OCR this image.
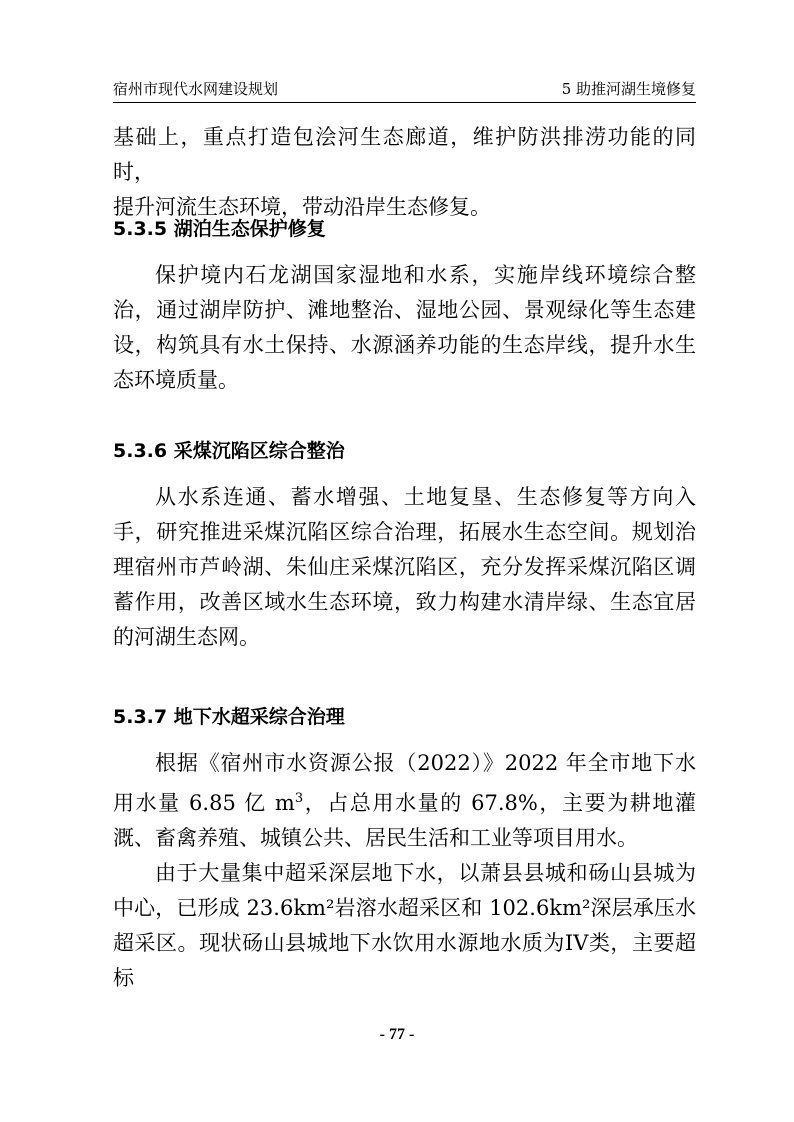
宿州市现代水网建设规划	5 助推河湖生境修复
基础上，重点打造包浍河生态廊道，维护防洪排涝功能的同时，
提升河流生态环境，带动沿岸生态修复。
5.3.5 湖泊生态保护修复

保护境内石龙湖国家湿地和水系，实施岸线环境综合整治，通过湖岸防护、滩地整治、湿地公园、景观绿化等生态建设，构筑具有水土保持、水源涵养功能的生态岸线，提升水生态环境质量。

5.3.6 采煤沉陷区综合整治

从水系连通、蓄水增强、土地复垦、生态修复等方向入手，研究推进采煤沉陷区综合治理，拓展水生态空间。规划治理宿州市芦岭湖、朱仙庄采煤沉陷区，充分发挥采煤沉陷区调蓄作用，改善区域水生态环境，致力构建水清岸绿、生态宜居的河湖生态网。

5.3.7 地下水超采综合治理

根据《宿州市水资源公报（2022）》2022 年全市地下水用水量 6.85 亿 $m^3$，占总用水量的 67.8%，主要为耕地灌溉、畜禽养殖、城镇公共、居民生活和工业等项目用水。

由于大量集中超采深层地下水，以萧县县城和砀山县城为中心，已形成 23.6km²岩溶水超采区和 102.6km²深层承压水超采区。现状砀山县城地下水饮用水源地水质为IV类，主要超标

- 77 -
